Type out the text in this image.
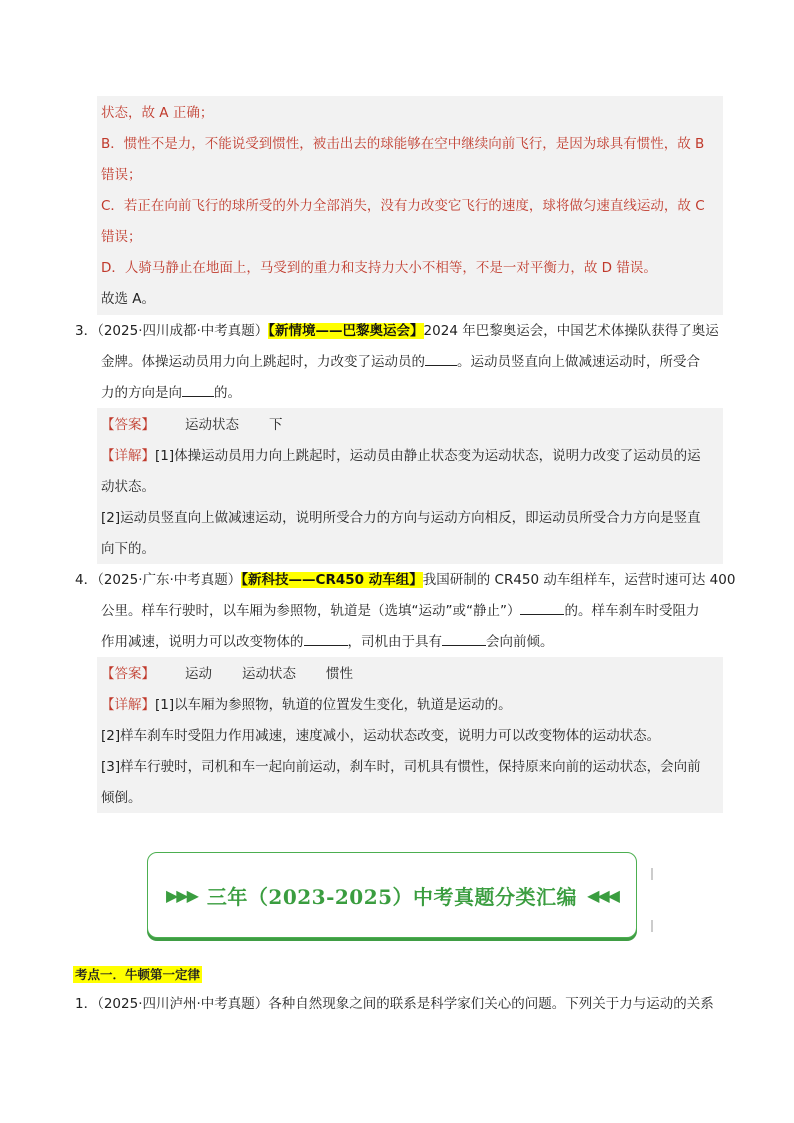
状态，故 A 正确；
B．惯性不是力，不能说受到惯性，被击出去的球能够在空中继续向前飞行，是因为球具有惯性，故 B
错误；
C．若正在向前飞行的球所受的外力全部消失，没有力改变它飞行的速度，球将做匀速直线运动，故 C
错误；
D．人骑马静止在地面上，马受到的重力和支持力大小不相等，不是一对平衡力，故 D 错误。
故选 A。
3．（2025·四川成都·中考真题）【新情境——巴黎奥运会】2024 年巴黎奥运会，中国艺术体操队获得了奥运
金牌。体操运动员用力向上跳起时，力改变了运动员的 。运动员竖直向上做减速运动时，所受合
力的方向是向 的。
【答案】 运动状态 下
【详解】[1]体操运动员用力向上跳起时，运动员由静止状态变为运动状态，说明力改变了运动员的运
动状态。
[2]运动员竖直向上做减速运动，说明所受合力的方向与运动方向相反，即运动员所受合力方向是竖直
向下的。
4．（2025·广东·中考真题）【新科技——CR450 动车组】我国研制的 CR450 动车组样车，运营时速可达 400
公里。样车行驶时，以车厢为参照物，轨道是（选填“运动”或“静止”）	的。样车刹车时受阻力
作用减速，说明力可以改变物体的	，司机由于具有	会向前倾。
【答案】 运动 运动状态 惯性
【详解】[1]以车厢为参照物，轨道的位置发生变化，轨道是运动的。
[2]样车刹车时受阻力作用减速，速度减小，运动状态改变，说明力可以改变物体的运动状态。
[3]样车行驶时，司机和车一起向前运动，刹车时，司机具有惯性，保持原来向前的运动状态，会向前
倾倒。
▶▶▶ 三年（2023-2025）中考真题分类汇编 ◀◀◀
考点一．牛顿第一定律
1．（2025·四川泸州·中考真题）各种自然现象之间的联系是科学家们关心的问题。下列关于力与运动的关系
